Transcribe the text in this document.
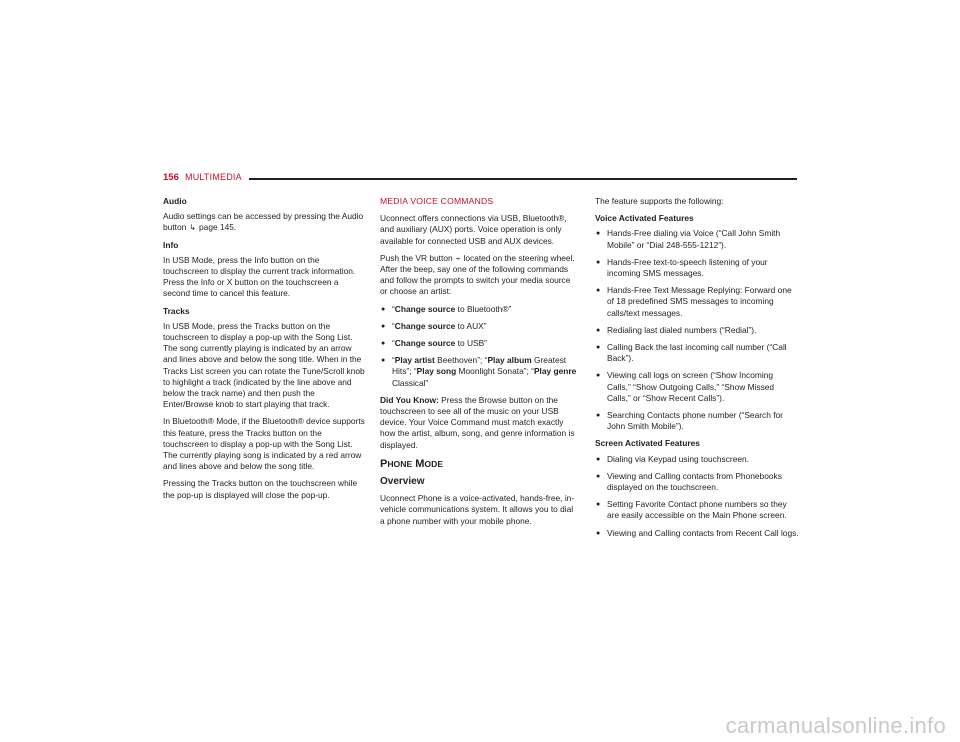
156 MULTIMEDIA
Audio

Audio settings can be accessed by pressing the Audio button ↳ page 145.

Info

In USB Mode, press the Info button on the touchscreen to display the current track information. Press the Info or X button on the touchscreen a second time to cancel this feature.

Tracks

In USB Mode, press the Tracks button on the touchscreen to display a pop-up with the Song List. The song currently playing is indicated by an arrow and lines above and below the song title. When in the Tracks List screen you can rotate the Tune/Scroll knob to highlight a track (indicated by the line above and below the track name) and then push the Enter/Browse knob to start playing that track.

In Bluetooth® Mode, if the Bluetooth® device supports this feature, press the Tracks button on the touchscreen to display a pop-up with the Song List. The currently playing song is indicated by a red arrow and lines above and below the song title.

Pressing the Tracks button on the touchscreen while the pop-up is displayed will close the pop-up.

MEDIA VOICE COMMANDS

Uconnect offers connections via USB, Bluetooth®, and auxiliary (AUX) ports. Voice operation is only available for connected USB and AUX devices.

Push the VR button ⌁ located on the steering wheel. After the beep, say one of the following commands and follow the prompts to switch your media source or choose an artist:

● “Change source to Bluetooth®”
● “Change source to AUX”
● “Change source to USB”
● “Play artist Beethoven”; “Play album Greatest Hits”; “Play song Moonlight Sonata”; “Play genre Classical”

Did You Know: Press the Browse button on the touchscreen to see all of the music on your USB device. Your Voice Command must match exactly how the artist, album, song, and genre information is displayed.

PHONE MODE
Overview

Uconnect Phone is a voice-activated, hands-free, in-vehicle communications system. It allows you to dial a phone number with your mobile phone.

The feature supports the following:

Voice Activated Features
● Hands-Free dialing via Voice (“Call John Smith Mobile” or “Dial 248-555-1212”).
● Hands-Free text-to-speech listening of your incoming SMS messages.
● Hands-Free Text Message Replying: Forward one of 18 predefined SMS messages to incoming calls/text messages.
● Redialing last dialed numbers (“Redial”).
● Calling Back the last incoming call number (“Call Back”).
● Viewing call logs on screen (“Show Incoming Calls,” “Show Outgoing Calls,” “Show Missed Calls,” or “Show Recent Calls”).
● Searching Contacts phone number (“Search for John Smith Mobile”).
Screen Activated Features
● Dialing via Keypad using touchscreen.
● Viewing and Calling contacts from Phonebooks displayed on the touchscreen.
● Setting Favorite Contact phone numbers so they are easily accessible on the Main Phone screen.
● Viewing and Calling contacts from Recent Call logs.
carmanualsonline.info
